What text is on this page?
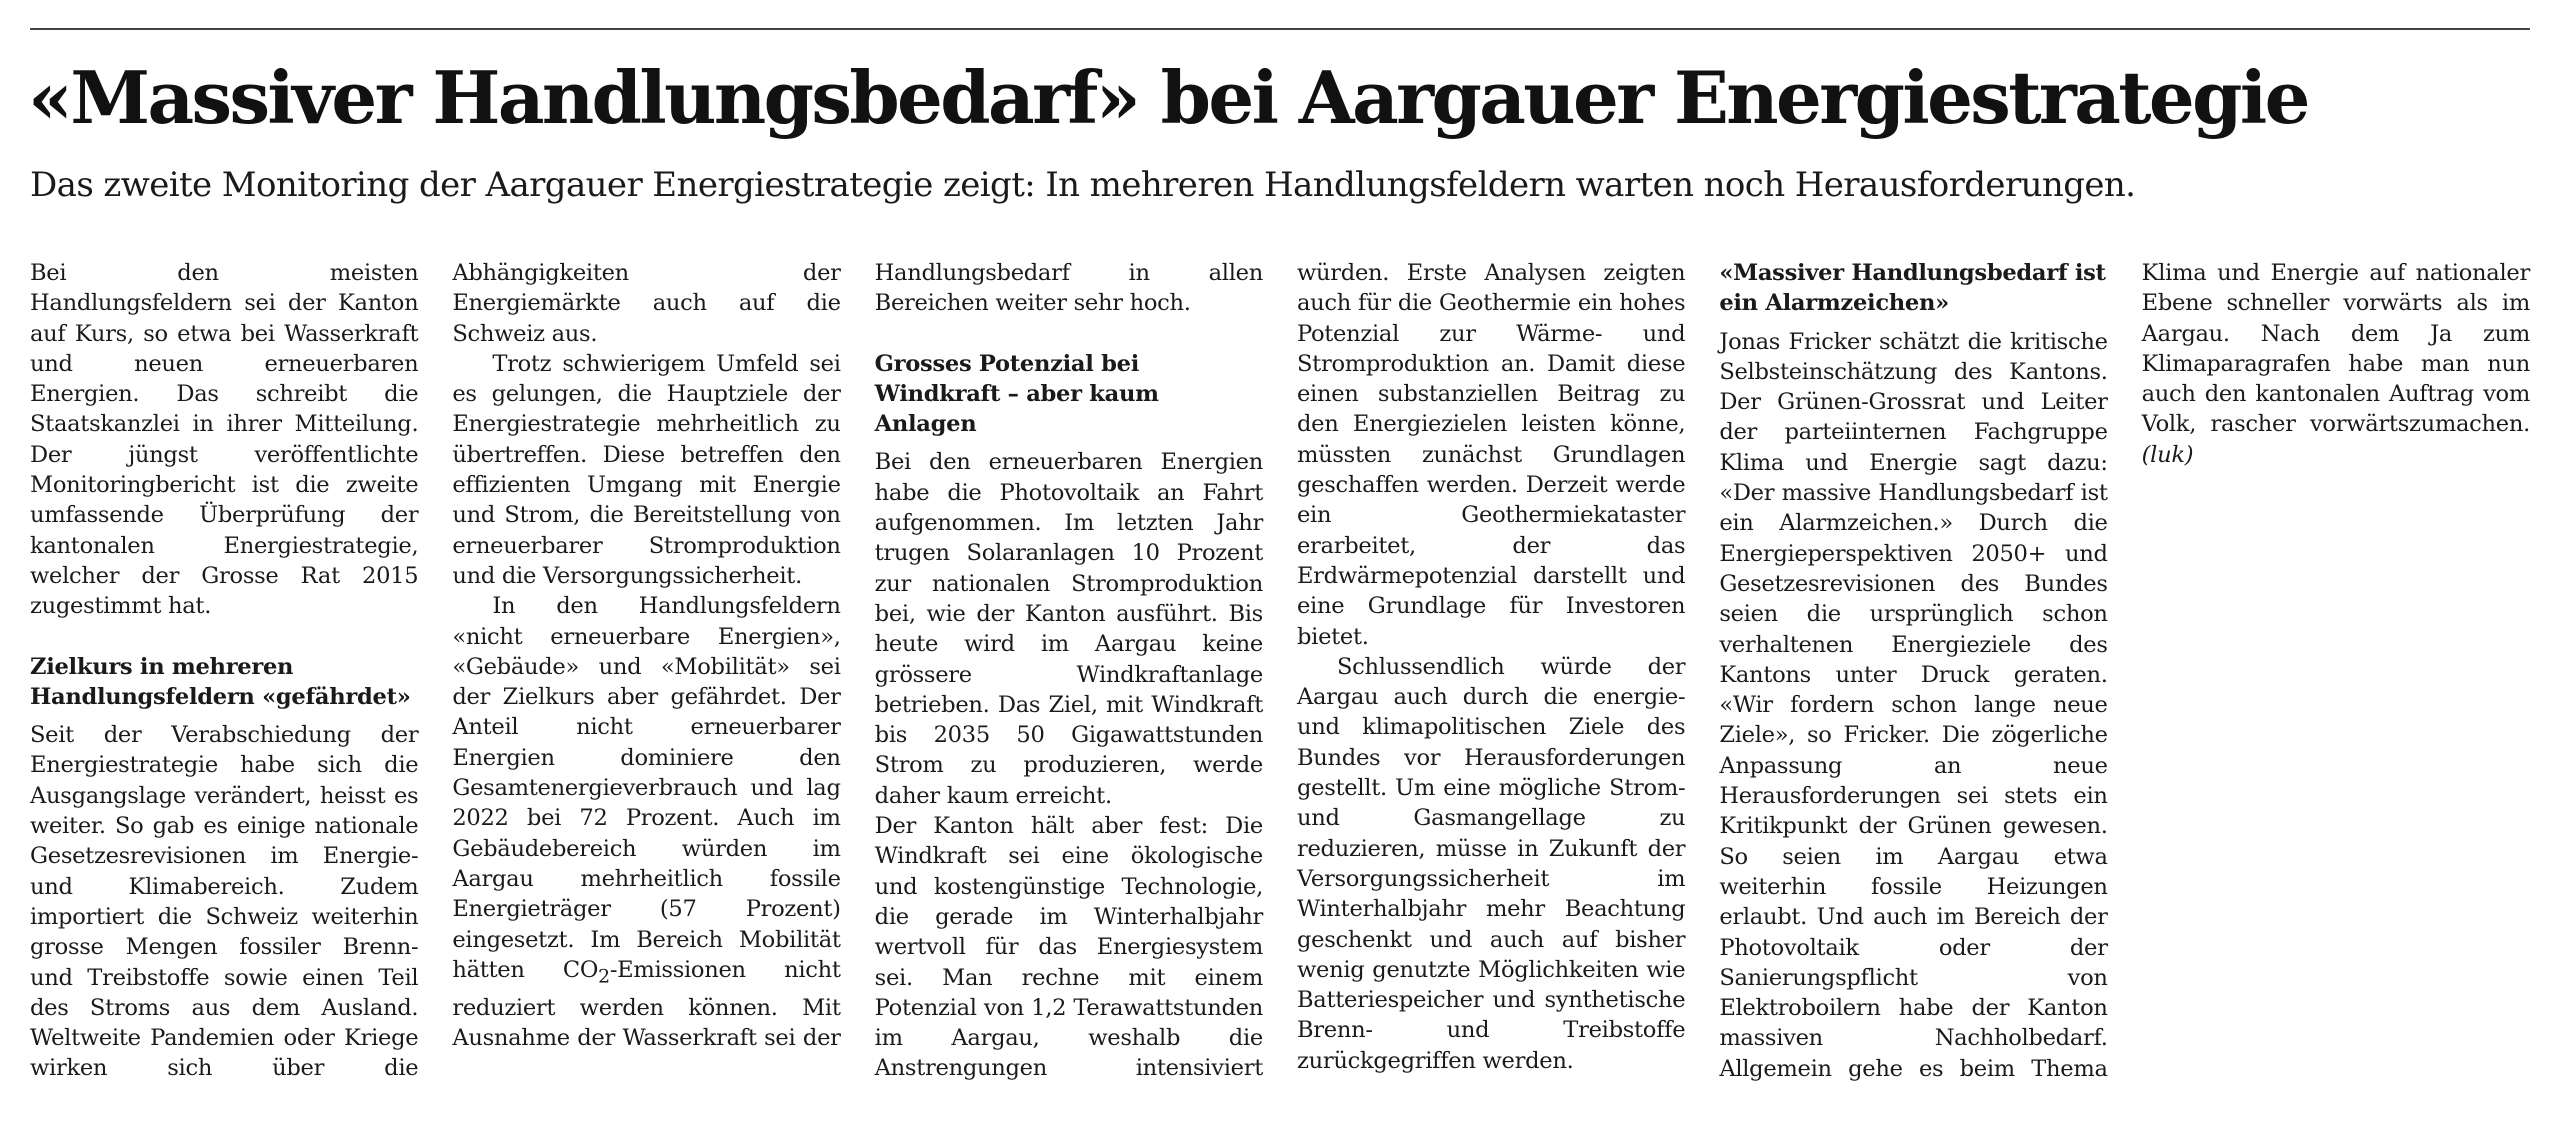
«Massiver Handlungsbedarf» bei Aargauer Energiestrategie
Das zweite Monitoring der Aargauer Energiestrategie zeigt: In mehreren Handlungsfeldern warten noch Herausforderungen.

Bei den meisten Handlungsfeldern sei der Kanton auf Kurs, so etwa bei Wasserkraft und neuen erneuerbaren Energien. Das schreibt die Staatskanzlei in ihrer Mitteilung. Der jüngst veröffentlichte Monitoringbericht ist die zweite umfassende Überprüfung der kantonalen Energiestrategie, welcher der Grosse Rat 2015 zugestimmt hat.

Zielkurs in mehreren Handlungsfeldern «gefährdet»

Seit der Verabschiedung der Energiestrategie habe sich die Ausgangslage verändert, heisst es weiter. So gab es einige nationale Gesetzesrevisionen im Energie- und Klimabereich. Zudem importiert die Schweiz weiterhin grosse Mengen fossiler Brenn- und Treibstoffe sowie einen Teil des Stroms aus dem Ausland. Weltweite Pandemien oder Kriege wirken sich über die Abhängigkeiten der Energiemärkte auch auf die Schweiz aus.

Trotz schwierigem Umfeld sei es gelungen, die Hauptziele der Energiestrategie mehrheitlich zu übertreffen. Diese betreffen den effizienten Umgang mit Energie und Strom, die Bereitstellung von erneuerbarer Stromproduktion und die Versorgungssicherheit.

In den Handlungsfeldern «nicht erneuerbare Energien», «Gebäude» und «Mobilität» sei der Zielkurs aber gefährdet. Der Anteil nicht erneuerbarer Energien dominiere den Gesamtenergieverbrauch und lag 2022 bei 72 Prozent. Auch im Gebäudebereich würden im Aargau mehrheitlich fossile Energieträger (57 Prozent) eingesetzt. Im Bereich Mobilität hätten $CO_2$-Emissionen nicht reduziert werden können. Mit Ausnahme der Wasserkraft sei der Handlungsbedarf in allen Bereichen weiter sehr hoch.

Grosses Potenzial bei Windkraft – aber kaum Anlagen

Bei den erneuerbaren Energien habe die Photovoltaik an Fahrt aufgenommen. Im letzten Jahr trugen Solaranlagen 10 Prozent zur nationalen Stromproduktion bei, wie der Kanton ausführt. Bis heute wird im Aargau keine grössere Windkraftanlage betrieben. Das Ziel, mit Windkraft bis 2035 50 Gigawattstunden Strom zu produzieren, werde daher kaum erreicht.

Der Kanton hält aber fest: Die Windkraft sei eine ökologische und kostengünstige Technologie, die gerade im Winterhalbjahr wertvoll für das Energiesystem sei. Man rechne mit einem Potenzial von 1,2 Terawattstunden im Aargau, weshalb die Anstrengungen intensiviert würden. Erste Analysen zeigten auch für die Geothermie ein hohes Potenzial zur Wärme- und Stromproduktion an. Damit diese einen substanziellen Beitrag zu den Energiezielen leisten könne, müssten zunächst Grundlagen geschaffen werden. Derzeit werde ein Geothermiekataster erarbeitet, der das Erdwärmepotenzial darstellt und eine Grundlage für Investoren bietet.

Schlussendlich würde der Aargau auch durch die energie- und klimapolitischen Ziele des Bundes vor Herausforderungen gestellt. Um eine mögliche Strom- und Gasmangellage zu reduzieren, müsse in Zukunft der Versorgungssicherheit im Winterhalbjahr mehr Beachtung geschenkt und auch auf bisher wenig genutzte Möglichkeiten wie Batteriespeicher und synthetische Brenn- und Treibstoffe zurückgegriffen werden.

«Massiver Handlungsbedarf ist ein Alarmzeichen»

Jonas Fricker schätzt die kritische Selbsteinschätzung des Kantons. Der Grünen-Grossrat und Leiter der parteiinternen Fachgruppe Klima und Energie sagt dazu: «Der massive Handlungsbedarf ist ein Alarmzeichen.» Durch die Energieperspektiven 2050+ und Gesetzesrevisionen des Bundes seien die ursprünglich schon verhaltenen Energieziele des Kantons unter Druck geraten. «Wir fordern schon lange neue Ziele», so Fricker. Die zögerliche Anpassung an neue Herausforderungen sei stets ein Kritikpunkt der Grünen gewesen. So seien im Aargau etwa weiterhin fossile Heizungen erlaubt. Und auch im Bereich der Photovoltaik oder der Sanierungspflicht von Elektroboilern habe der Kanton massiven Nachholbedarf. Allgemein gehe es beim Thema Klima und Energie auf nationaler Ebene schneller vorwärts als im Aargau. Nach dem Ja zum Klimaparagrafen habe man nun auch den kantonalen Auftrag vom Volk, rascher vorwärtszumachen. (luk)
